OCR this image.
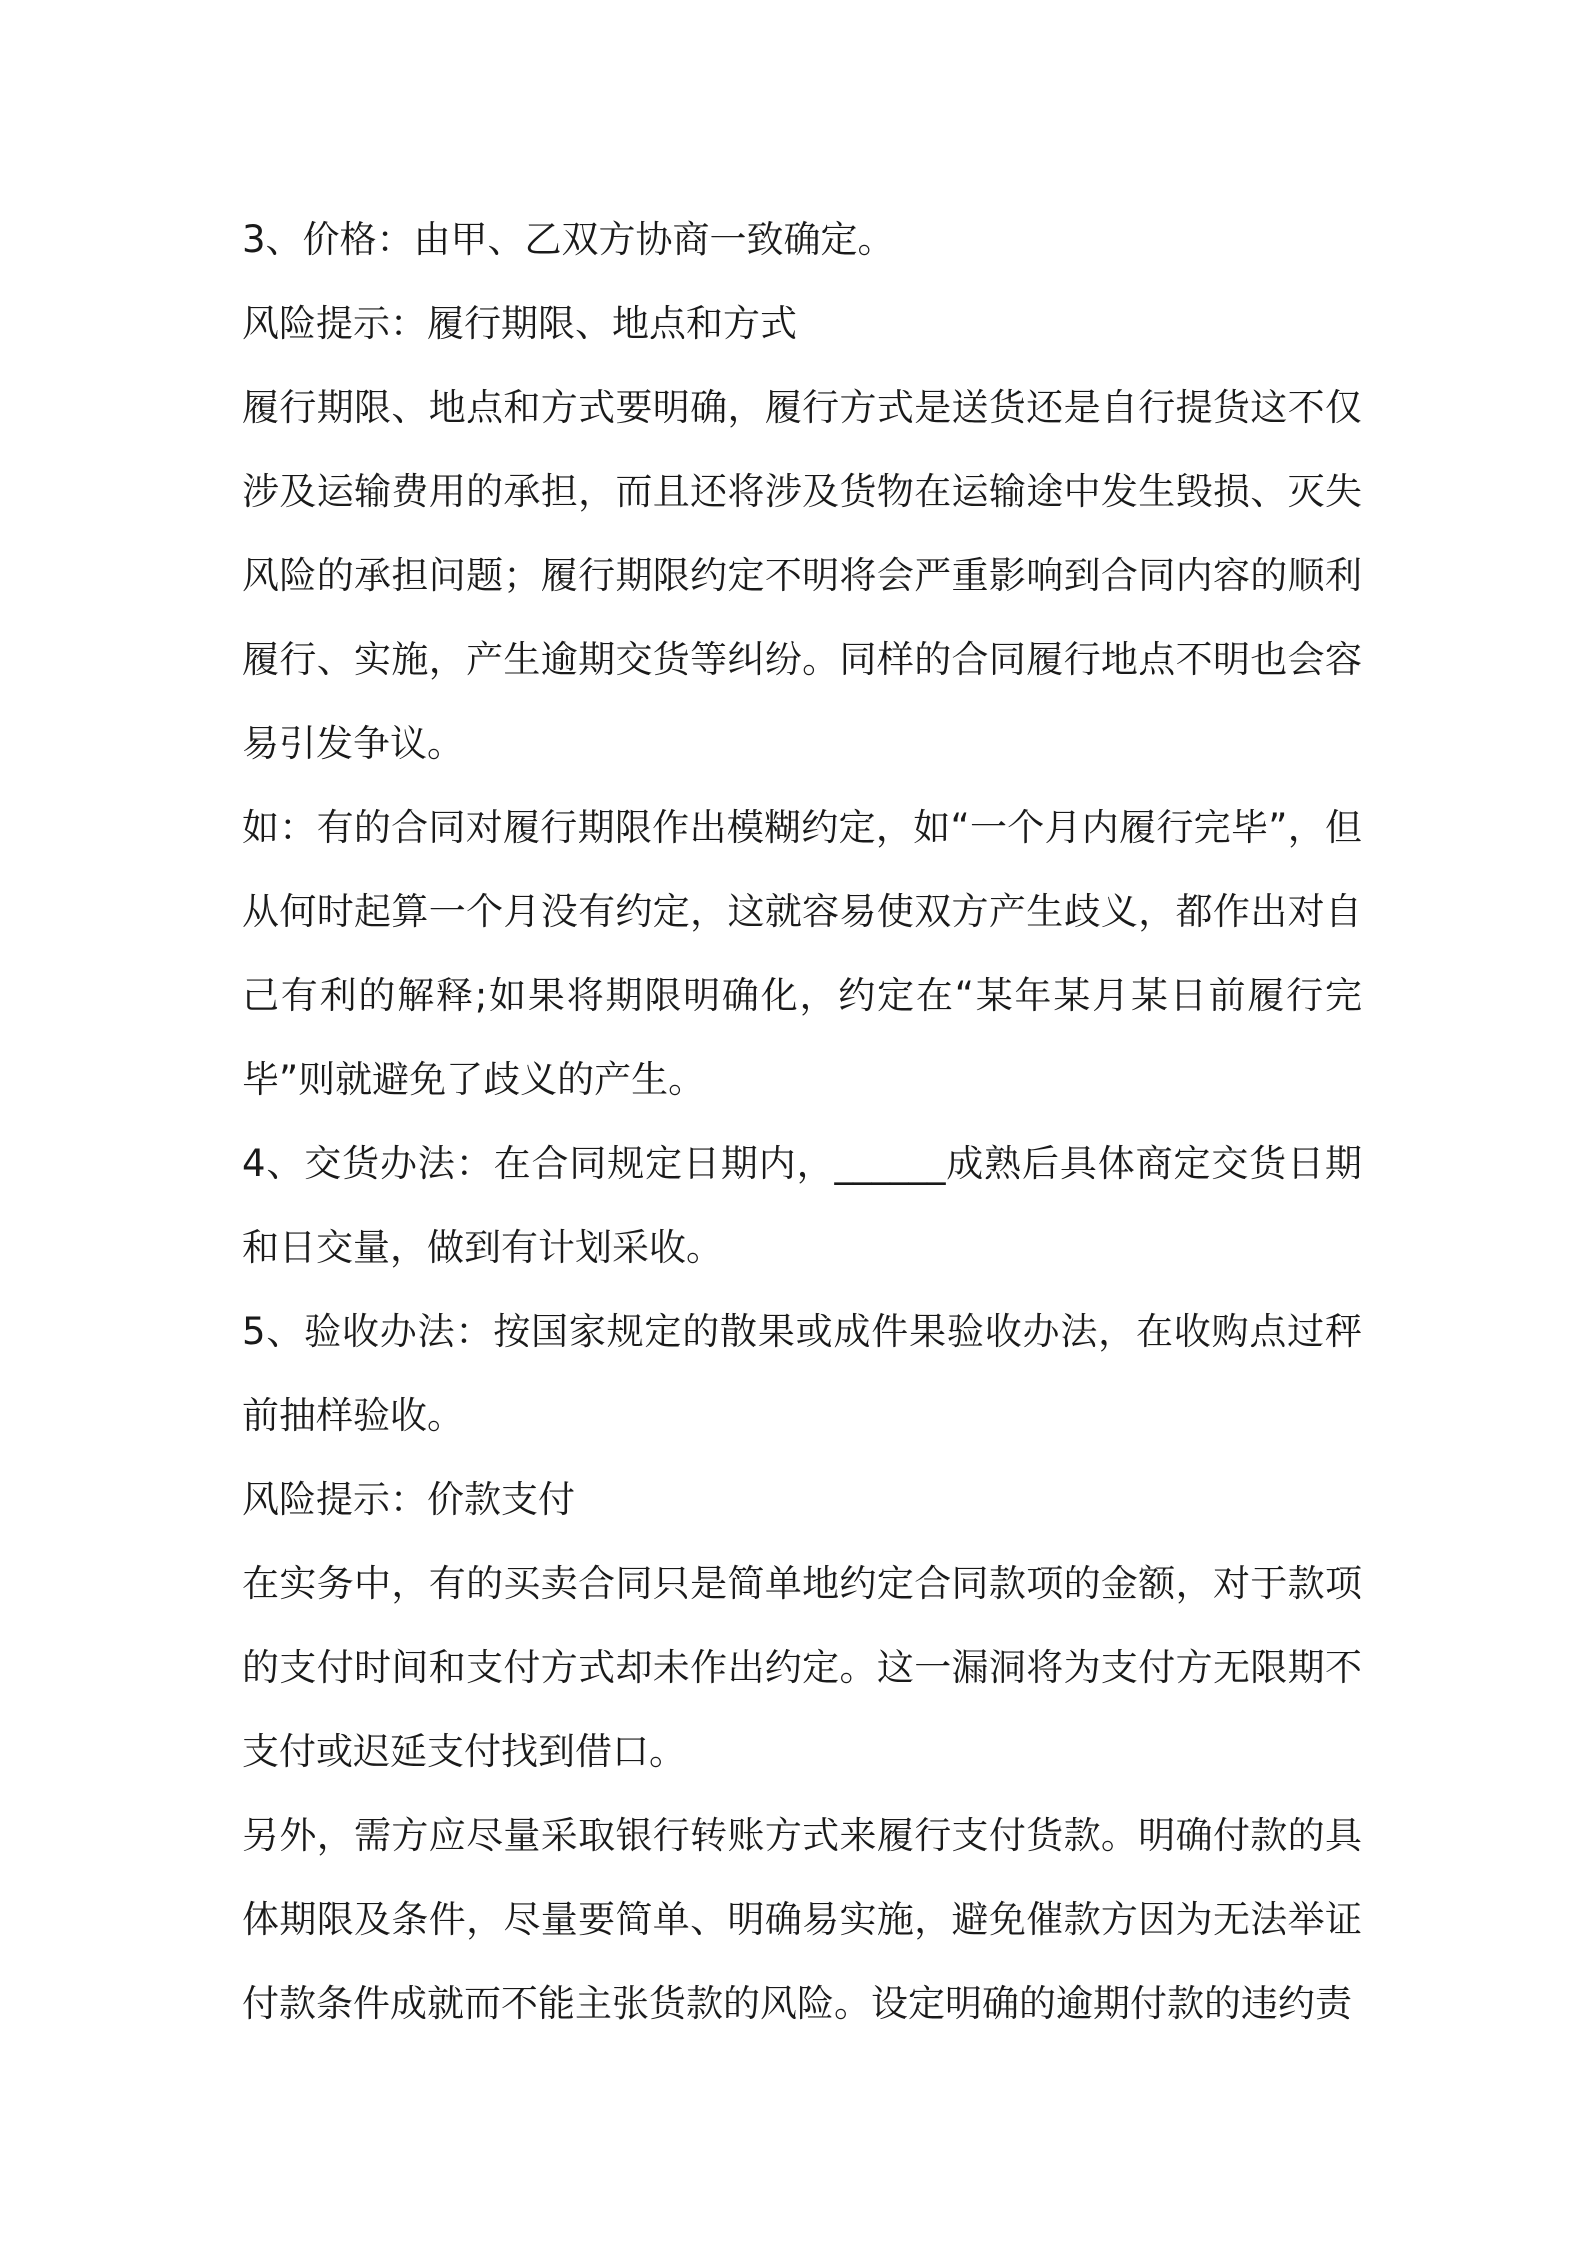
3、价格：由甲、乙双方协商一致确定。

风险提示：履行期限、地点和方式

履行期限、地点和方式要明确，履行方式是送货还是自行提货这不仅涉及运输费用的承担，而且还将涉及货物在运输途中发生毁损、灭失风险的承担问题；履行期限约定不明将会严重影响到合同内容的顺利履行、实施，产生逾期交货等纠纷。同样的合同履行地点不明也会容易引发争议。

如：有的合同对履行期限作出模糊约定，如“一个月内履行完毕”，但从何时起算一个月没有约定，这就容易使双方产生歧义，都作出对自己有利的解释;如果将期限明确化，约定在“某年某月某日前履行完毕”则就避免了歧义的产生。

4、交货办法：在合同规定日期内，______成熟后具体商定交货日期和日交量，做到有计划采收。

5、验收办法：按国家规定的散果或成件果验收办法，在收购点过秤前抽样验收。

风险提示：价款支付

在实务中，有的买卖合同只是简单地约定合同款项的金额，对于款项的支付时间和支付方式却未作出约定。这一漏洞将为支付方无限期不支付或迟延支付找到借口。

另外，需方应尽量采取银行转账方式来履行支付货款。明确付款的具体期限及条件，尽量要简单、明确易实施，避免催款方因为无法举证付款条件成就而不能主张货款的风险。设定明确的逾期付款的违约责
